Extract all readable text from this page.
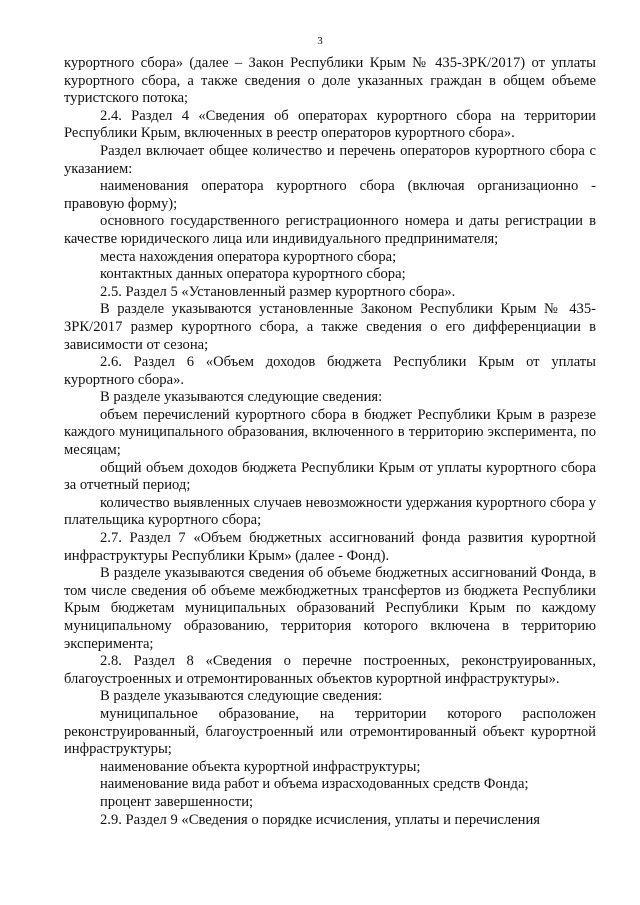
3

курортного сбора» (далее – Закон Республики Крым № 435-ЗРК/2017) от уплаты курортного сбора, а также сведения о доле указанных граждан в общем объеме туристского потока;

2.4. Раздел 4 «Сведения об операторах курортного сбора на территории Республики Крым, включенных в реестр операторов курортного сбора».

Раздел включает общее количество и перечень операторов курортного сбора с указанием:

наименования оператора курортного сбора (включая организационно - правовую форму);

основного государственного регистрационного номера и даты регистрации в качестве юридического лица или индивидуального предпринимателя;

места нахождения оператора курортного сбора;

контактных данных оператора курортного сбора;

2.5. Раздел 5 «Установленный размер курортного сбора».

В разделе указываются установленные Законом Республики Крым № 435-ЗРК/2017 размер курортного сбора, а также сведения о его дифференциации в зависимости от сезона;

2.6. Раздел 6 «Объем доходов бюджета Республики Крым от уплаты курортного сбора».

В разделе указываются следующие сведения:

объем перечислений курортного сбора в бюджет Республики Крым в разрезе каждого муниципального образования, включенного в территорию эксперимента, по месяцам;

общий объем доходов бюджета Республики Крым от уплаты курортного сбора за отчетный период;

количество выявленных случаев невозможности удержания курортного сбора у плательщика курортного сбора;

2.7. Раздел 7 «Объем бюджетных ассигнований фонда развития курортной инфраструктуры Республики Крым» (далее - Фонд).

В разделе указываются сведения об объеме бюджетных ассигнований Фонда, в том числе сведения об объеме межбюджетных трансфертов из бюджета Республики Крым бюджетам муниципальных образований Республики Крым по каждому муниципальному образованию, территория которого включена в территорию эксперимента;

2.8. Раздел 8 «Сведения о перечне построенных, реконструированных, благоустроенных и отремонтированных объектов курортной инфраструктуры».

В разделе указываются следующие сведения:

муниципальное образование, на территории которого расположен реконструированный, благоустроенный или отремонтированный объект курортной инфраструктуры;

наименование объекта курортной инфраструктуры;

наименование вида работ и объема израсходованных средств Фонда;

процент завершенности;

2.9. Раздел 9 «Сведения о порядке исчисления, уплаты и перечисления
